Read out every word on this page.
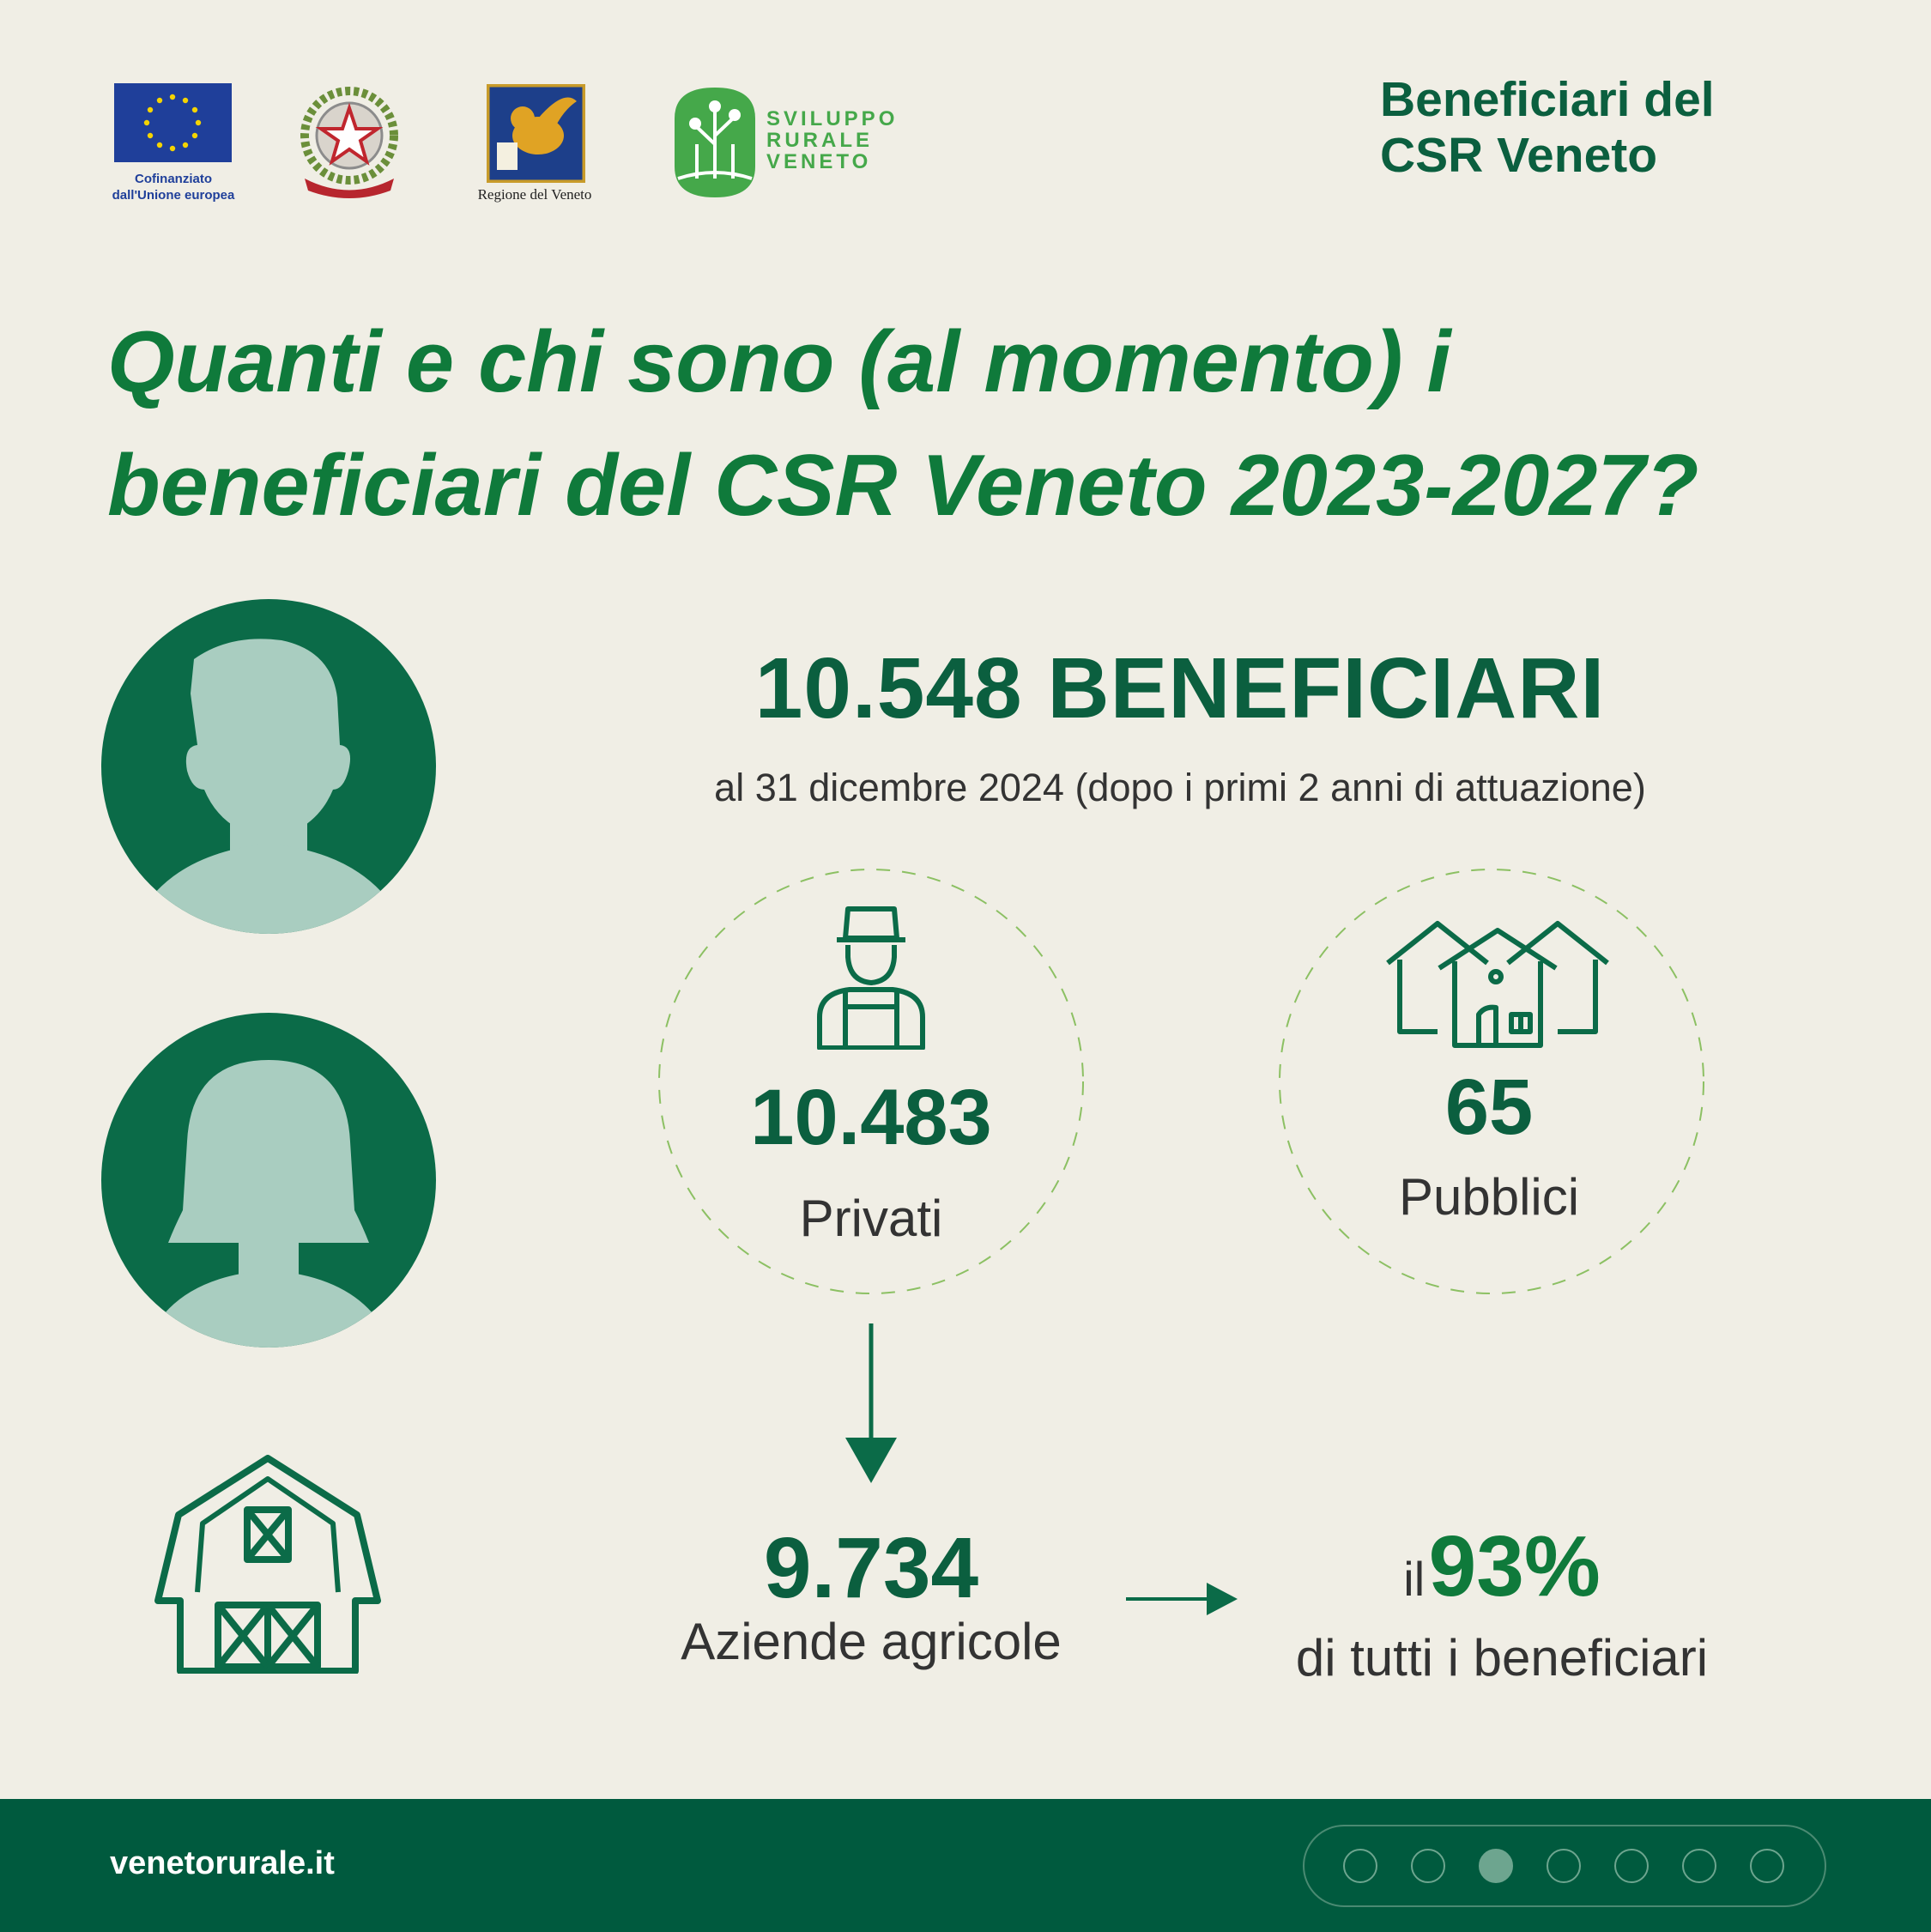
Cofinanziato
dall'Unione europea	Regione del Veneto
SVILUPPO
RURALE
VENETO
Beneficiari del
CSR Veneto
Quanti e chi sono (al momento) i
beneficiari del CSR Veneto 2023-2027?
10.548 BENEFICIARI
al 31 dicembre 2024 (dopo i primi 2 anni di attuazione)
10.483
Privati
65
Pubblici
9.734
Aziende agricole
il 93%
di tutti i beneficiari
venetorurale.it
